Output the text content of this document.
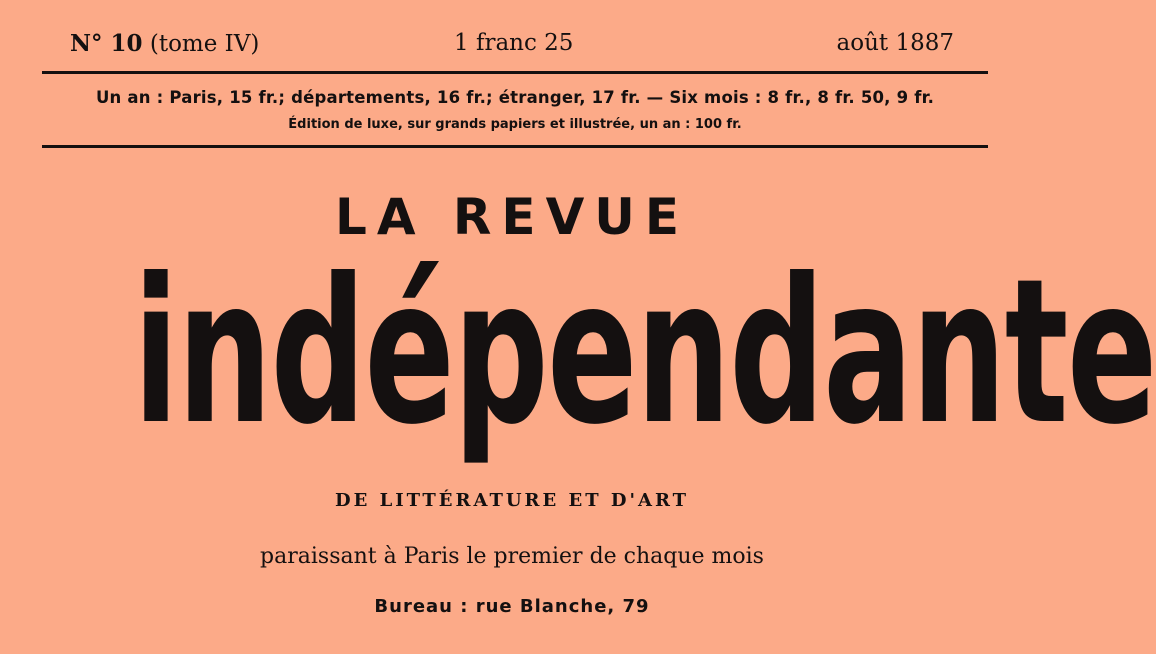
N° 10 (tome IV)	1 franc 25	août 1887
Un an : Paris, 15 fr.; départements, 16 fr.; étranger, 17 fr. — Six mois : 8 fr., 8 fr. 50, 9 fr.
Édition de luxe, sur grands papiers et illustrée, un an : 100 fr.
LA REVUE
indépendante
DE LITTÉRATURE ET D'ART
paraissant à Paris le premier de chaque mois
Bureau : rue Blanche, 79
